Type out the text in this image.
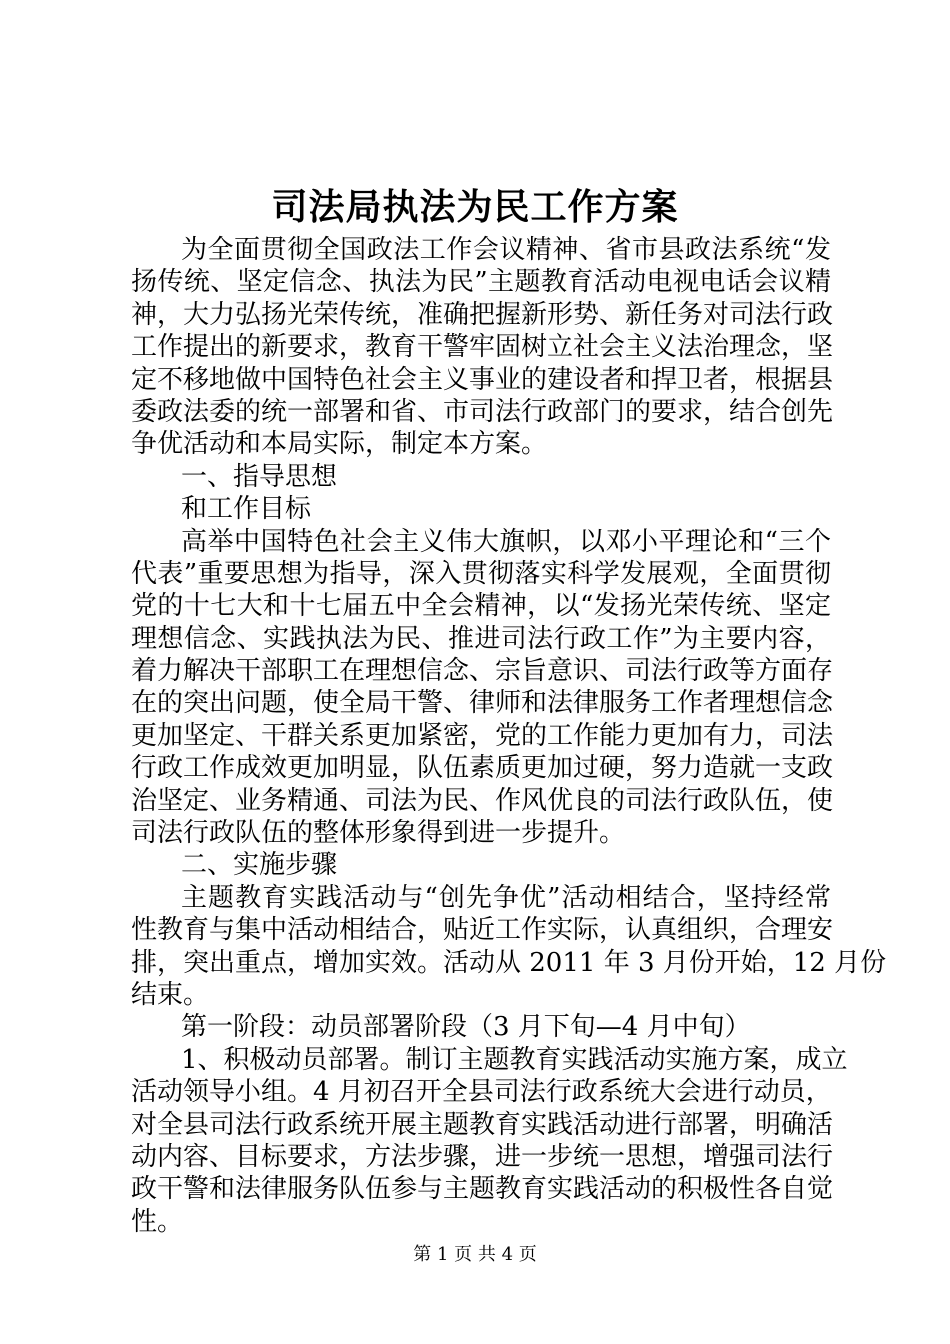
司法局执法为民工作方案
为全面贯彻全国政法工作会议精神、省市县政法系统“发
扬传统、坚定信念、执法为民”主题教育活动电视电话会议精
神，大力弘扬光荣传统，准确把握新形势、新任务对司法行政
工作提出的新要求，教育干警牢固树立社会主义法治理念，坚
定不移地做中国特色社会主义事业的建设者和捍卫者，根据县
委政法委的统一部署和省、市司法行政部门的要求，结合创先
争优活动和本局实际，制定本方案。
一、指导思想
和工作目标
高举中国特色社会主义伟大旗帜，以邓小平理论和“三个
代表”重要思想为指导，深入贯彻落实科学发展观，全面贯彻
党的十七大和十七届五中全会精神，以“发扬光荣传统、坚定
理想信念、实践执法为民、推进司法行政工作”为主要内容，
着力解决干部职工在理想信念、宗旨意识、司法行政等方面存
在的突出问题，使全局干警、律师和法律服务工作者理想信念
更加坚定、干群关系更加紧密，党的工作能力更加有力，司法
行政工作成效更加明显，队伍素质更加过硬，努力造就一支政
治坚定、业务精通、司法为民、作风优良的司法行政队伍，使
司法行政队伍的整体形象得到进一步提升。
二、实施步骤
主题教育实践活动与“创先争优”活动相结合，坚持经常
性教育与集中活动相结合，贴近工作实际，认真组织，合理安
排，突出重点，增加实效。活动从 2011 年 3 月份开始，12 月份
结束。
第一阶段：动员部署阶段（3 月下旬—4 月中旬）
1、积极动员部署。制订主题教育实践活动实施方案，成立
活动领导小组。4 月初召开全县司法行政系统大会进行动员，
对全县司法行政系统开展主题教育实践活动进行部署，明确活
动内容、目标要求，方法步骤，进一步统一思想，增强司法行
政干警和法律服务队伍参与主题教育实践活动的积极性各自觉
性。
第 1 页 共 4 页
